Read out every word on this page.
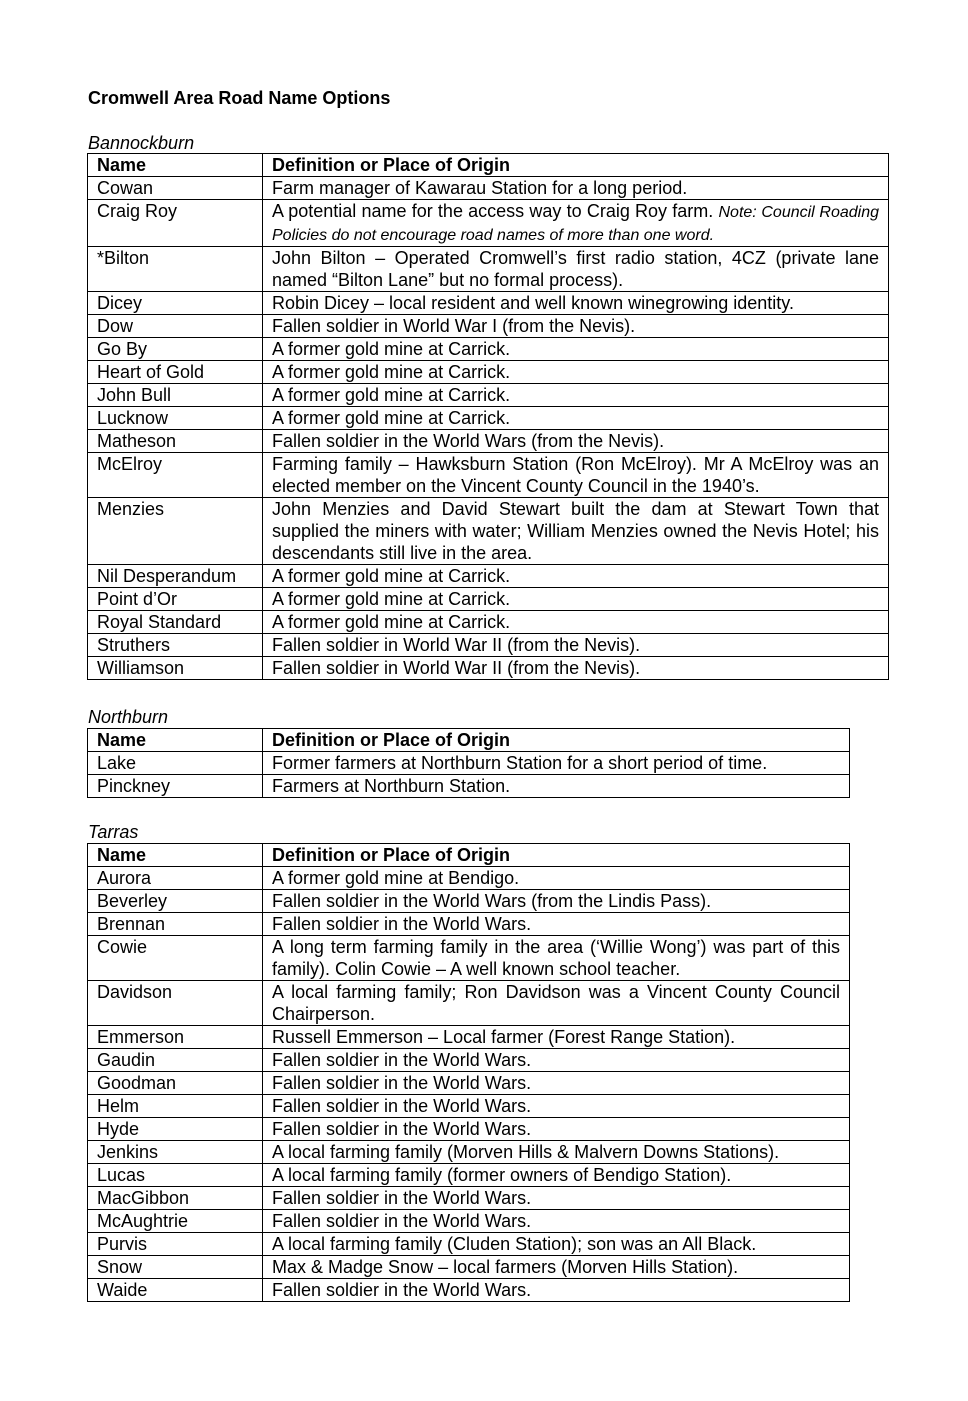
Cromwell Area Road Name Options
Bannockburn
Name	Definition or Place of Origin
Cowan	Farm manager of Kawarau Station for a long period.
Craig Roy	A potential name for the access way to Craig Roy farm. Note: Council Roading Policies do not encourage road names of more than one word.
*Bilton	John Bilton – Operated Cromwell’s first radio station, 4CZ (private lane named “Bilton Lane” but no formal process).
Dicey	Robin Dicey – local resident and well known winegrowing identity.
Dow	Fallen soldier in World War I (from the Nevis).
Go By	A former gold mine at Carrick.
Heart of Gold	A former gold mine at Carrick.
John Bull	A former gold mine at Carrick.
Lucknow	A former gold mine at Carrick.
Matheson	Fallen soldier in the World Wars (from the Nevis).
McElroy	Farming family – Hawksburn Station (Ron McElroy). Mr A McElroy was an elected member on the Vincent County Council in the 1940’s.
Menzies	John Menzies and David Stewart built the dam at Stewart Town that supplied the miners with water; William Menzies owned the Nevis Hotel; his descendants still live in the area.
Nil Desperandum	A former gold mine at Carrick.
Point d’Or	A former gold mine at Carrick.
Royal Standard	A former gold mine at Carrick.
Struthers	Fallen soldier in World War II (from the Nevis).
Williamson	Fallen soldier in World War II (from the Nevis).
Northburn
Name	Definition or Place of Origin
Lake	Former farmers at Northburn Station for a short period of time.
Pinckney	Farmers at Northburn Station.
Tarras
Name	Definition or Place of Origin
Aurora	A former gold mine at Bendigo.
Beverley	Fallen soldier in the World Wars (from the Lindis Pass).
Brennan	Fallen soldier in the World Wars.
Cowie	A long term farming family in the area (‘Willie Wong’) was part of this family). Colin Cowie – A well known school teacher.
Davidson	A local farming family; Ron Davidson was a Vincent County Council Chairperson.
Emmerson	Russell Emmerson – Local farmer (Forest Range Station).
Gaudin	Fallen soldier in the World Wars.
Goodman	Fallen soldier in the World Wars.
Helm	Fallen soldier in the World Wars.
Hyde	Fallen soldier in the World Wars.
Jenkins	A local farming family (Morven Hills & Malvern Downs Stations).
Lucas	A local farming family (former owners of Bendigo Station).
MacGibbon	Fallen soldier in the World Wars.
McAughtrie	Fallen soldier in the World Wars.
Purvis	A local farming family (Cluden Station); son was an All Black.
Snow	Max & Madge Snow – local farmers (Morven Hills Station).
Waide	Fallen soldier in the World Wars.
